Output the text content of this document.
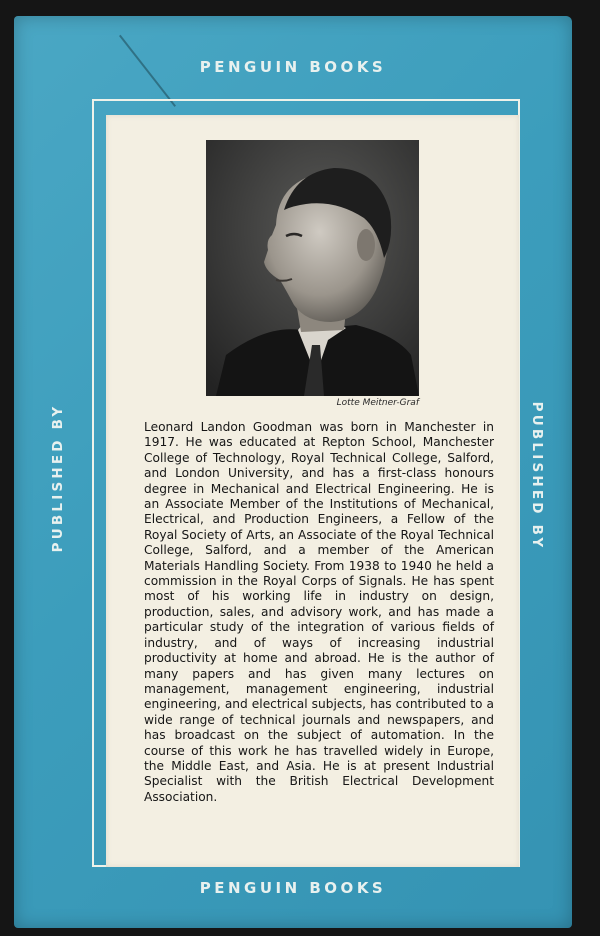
PENGUIN BOOKS
PUBLISHED BY	PUBLISHED BY
Lotte Meitner-Graf

Leonard Landon Goodman was born in Manchester in 1917. He was educated at Repton School, Manchester College of Technology, Royal Technical College, Salford, and London University, and has a first-class honours degree in Mechanical and Electrical Engineering. He is an Associate Member of the Institutions of Mechanical, Electrical, and Production Engineers, a Fellow of the Royal Society of Arts, an Associate of the Royal Technical College, Salford, and a member of the American Materials Handling Society. From 1938 to 1940 he held a commission in the Royal Corps of Signals. He has spent most of his working life in industry on design, production, sales, and advisory work, and has made a particular study of the integration of various fields of industry, and of ways of increasing industrial productivity at home and abroad. He is the author of many papers and has given many lectures on management, management engineering, industrial engineering, and electrical subjects, has contributed to a wide range of technical journals and newspapers, and has broadcast on the subject of automation. In the course of this work he has travelled widely in Europe, the Middle East, and Asia. He is at present Industrial Specialist with the British Electrical Development Association.

PENGUIN BOOKS
